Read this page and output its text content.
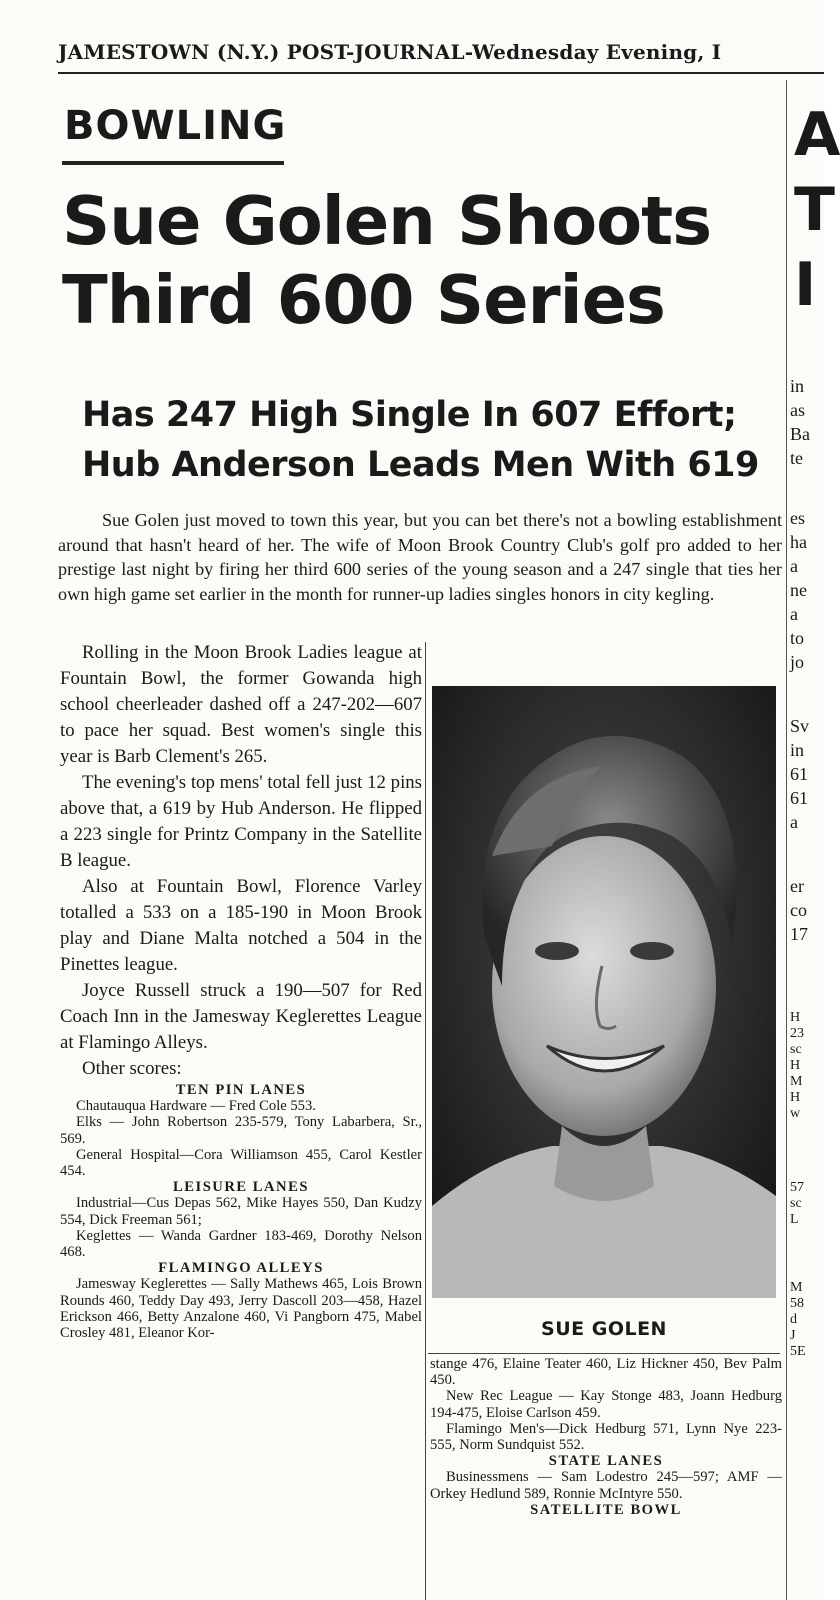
JAMESTOWN (N.Y.) POST-JOURNAL-Wednesday Evening, I
BOWLING
Sue Golen Shoots
Third 600 Series
Has 247 High Single In 607 Effort;
Hub Anderson Leads Men With 619
Sue Golen just moved to town this year, but you can bet there's not a bowling establishment around that hasn't heard of her. The wife of Moon Brook Country Club's golf pro added to her prestige last night by firing her third 600 series of the young season and a 247 single that ties her own high game set earlier in the month for runner-up ladies singles honors in city kegling.

Rolling in the Moon Brook Ladies league at Fountain Bowl, the former Gowanda high school cheerleader dashed off a 247-202—607 to pace her squad. Best women's single this year is Barb Clement's 265.

The evening's top mens' total fell just 12 pins above that, a 619 by Hub Anderson. He flipped a 223 single for Printz Company in the Satellite B league.

Also at Fountain Bowl, Florence Varley totalled a 533 on a 185-190 in Moon Brook play and Diane Malta notched a 504 in the Pinettes league.

Joyce Russell struck a 190—507 for Red Coach Inn in the Jamesway Keglerettes League at Flamingo Alleys.

Other scores:

TEN PIN LANES

Chautauqua Hardware — Fred Cole 553.

Elks — John Robertson 235-579, Tony Labarbera, Sr., 569.

General Hospital—Cora Williamson 455, Carol Kestler 454.

LEISURE LANES

Industrial—Cus Depas 562, Mike Hayes 550, Dan Kudzy 554, Dick Freeman 561;

Keglettes — Wanda Gardner 183-469, Dorothy Nelson 468.

FLAMINGO ALLEYS

Jamesway Keglerettes — Sally Mathews 465, Lois Brown Rounds 460, Teddy Day 493, Jerry Dascoll 203—458, Hazel Erickson 466, Betty Anzalone 460, Vi Pangborn 475, Mabel Crosley 481, Eleanor Kor-	SUE GOLEN

stange 476, Elaine Teater 460, Liz Hickner 450, Bev Palm 450.

New Rec League — Kay Stonge 483, Joann Hedburg 194-475, Eloise Carlson 459.

Flamingo Men's—Dick Hedburg 571, Lynn Nye 223-555, Norm Sundquist 552.

STATE LANES

Businessmens — Sam Lodestro 245—597; AMF — Orkey Hedlund 589, Ronnie McIntyre 550.

SATELLITE BOWL

A
T
I
in
as
Ba
te
es
ha
a
ne
a
to
jo
Sv
in
61
61
a
er
co
17
H
23
sc
H
M
H
w
57
sc
L
M
58
d
J
5E
